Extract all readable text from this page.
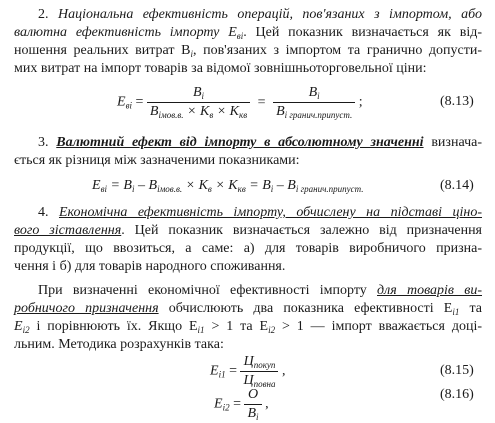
2. Національна ефективність операцій, пов'язаних з імпортом, або
валютна ефективність імпорту $E_{ві}$. Цей показник визначається як від-
ношення реальних витрат $B_i$, пов'язаних з імпортом та гранично допусти-
мих витрат на імпорт товарів за відомої зовнішньоторговельної ціни:
$E_{ві} = \frac{B_i}{B_{імов.в.} \times K_в \times K_{кв}} = \frac{B_i}{B_{i гранич.припуст.}}$ ;	(8.13)
3. Валютний ефект від імпорту в абсолютному значенні визнача-
ється як різниця між зазначеними показниками:
$E_{ві} = B_i - B_{імов.в.} \times K_в \times K_{кв} = B_i - B_{i гранич.припуст.}$	(8.14)
4. Економічна ефективність імпорту, обчислену на підставі ціно-
вого зіставлення. Цей показник визначається залежно від призначення
продукції, що ввозиться, а саме: а) для товарів виробничого призна-
чення і б) для товарів народного споживання.
При визначенні економічної ефективності імпорту для товарів ви-
робничого призначення обчислюють два показника ефективності $E_{i1}$ та
$E_{i2}$ і порівнюють їх. Якщо $E_{i1} > 1$ та $E_{i2} > 1$ — імпорт вважається доці-
льним. Методика розрахунків така:
$E_{i1} = \frac{Ц_{покуп}}{Ц_{повна}}$ ,	(8.15)
$E_{i2} = \frac{O}{B_i}$ ,
(8.16)
